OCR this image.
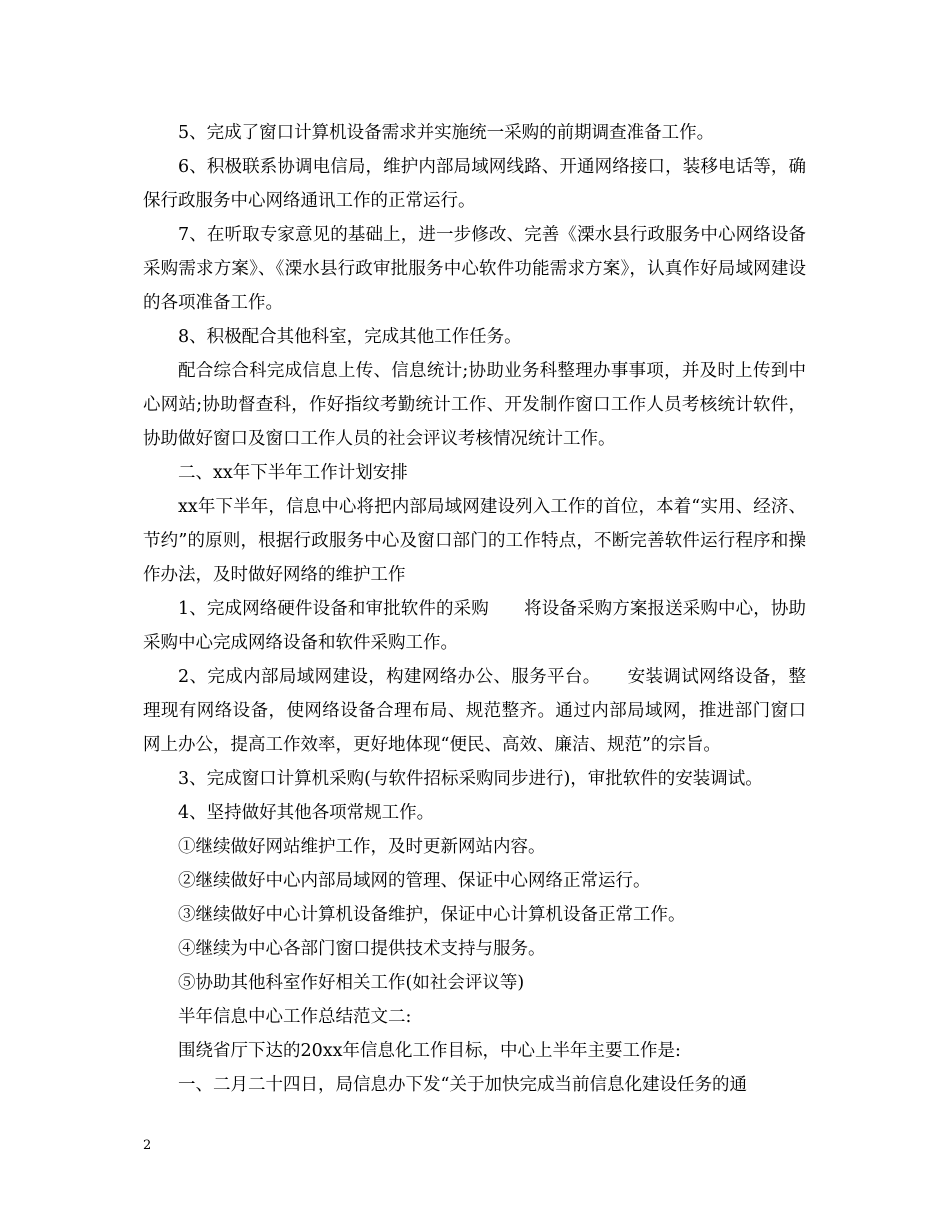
5、完成了窗口计算机设备需求并实施统一采购的前期调查准备工作。

6、积极联系协调电信局，维护内部局域网线路、开通网络接口，装移电话等，确保行政服务中心网络通讯工作的正常运行。

7、在听取专家意见的基础上，进一步修改、完善《溧水县行政服务中心网络设备采购需求方案》、《溧水县行政审批服务中心软件功能需求方案》，认真作好局域网建设的各项准备工作。

8、积极配合其他科室，完成其他工作任务。

配合综合科完成信息上传、信息统计;协助业务科整理办事事项，并及时上传到中心网站;协助督查科，作好指纹考勤统计工作、开发制作窗口工作人员考核统计软件，协助做好窗口及窗口工作人员的社会评议考核情况统计工作。

二、xx年下半年工作计划安排

xx年下半年，信息中心将把内部局域网建设列入工作的首位，本着“实用、经济、节约”的原则，根据行政服务中心及窗口部门的工作特点，不断完善软件运行程序和操作办法，及时做好网络的维护工作

1、完成网络硬件设备和审批软件的采购　　将设备采购方案报送采购中心，协助采购中心完成网络设备和软件采购工作。

2、完成内部局域网建设，构建网络办公、服务平台。　　安装调试网络设备，整理现有网络设备，使网络设备合理布局、规范整齐。通过内部局域网，推进部门窗口网上办公，提高工作效率，更好地体现“便民、高效、廉洁、规范”的宗旨。

3、完成窗口计算机采购(与软件招标采购同步进行)，审批软件的安装调试。

4、坚持做好其他各项常规工作。

①继续做好网站维护工作，及时更新网站内容。

②继续做好中心内部局域网的管理、保证中心网络正常运行。

③继续做好中心计算机设备维护，保证中心计算机设备正常工作。

④继续为中心各部门窗口提供技术支持与服务。

⑤协助其他科室作好相关工作(如社会评议等)

半年信息中心工作总结范文二:

围绕省厅下达的20xx年信息化工作目标，中心上半年主要工作是:

一、二月二十四日，局信息办下发“关于加快完成当前信息化建设任务的通

2
